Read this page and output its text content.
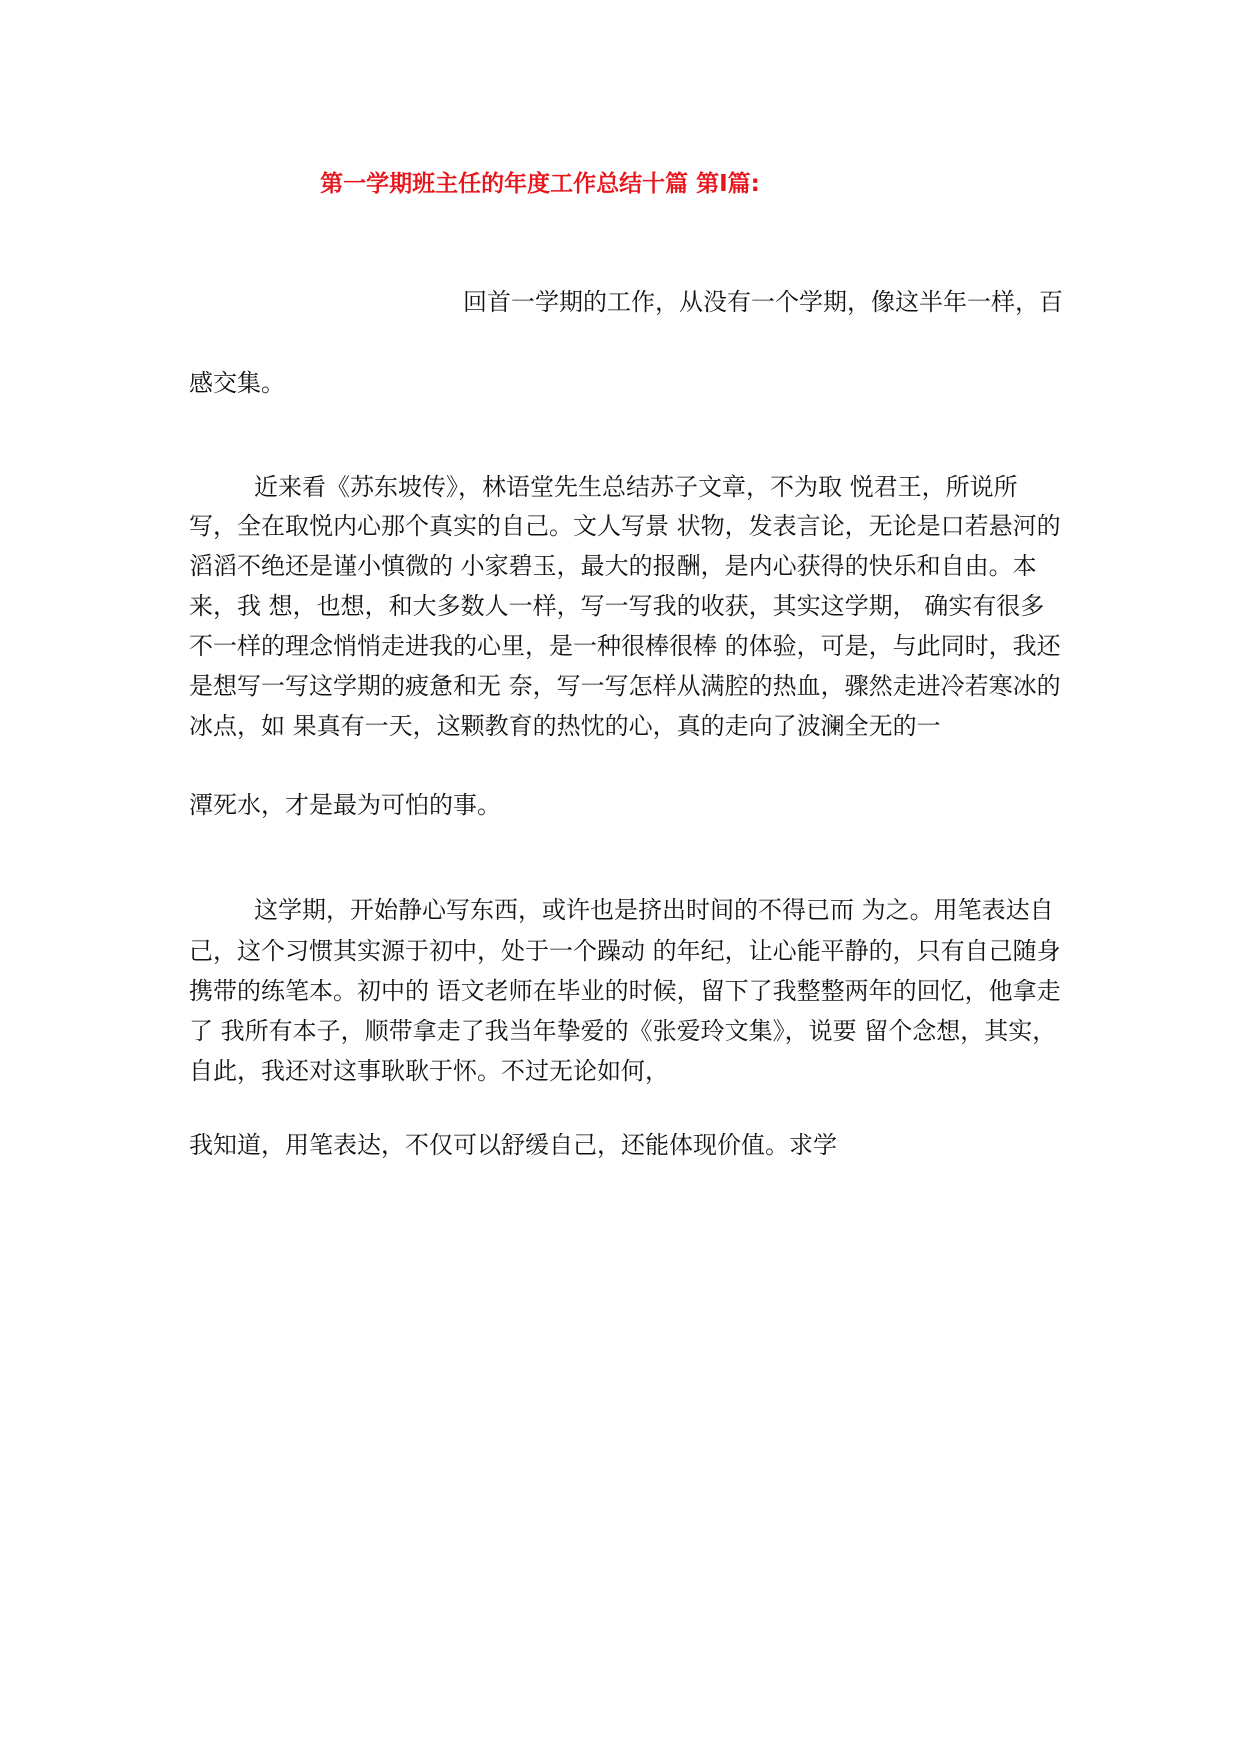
第一学期班主任的年度工作总结十篇 第Ⅰ篇:
回首一学期的工作，从没有一个学期，像这半年一样，百
感交集。
近来看《苏东坡传》，林语堂先生总结苏子文章，不为取 悦君王，所说所
写，全在取悦内心那个真实的自己。文人写景 状物，发表言论，无论是口若悬河的
滔滔不绝还是谨小慎微的 小家碧玉，最大的报酬，是内心获得的快乐和自由。本
来，我 想，也想，和大多数人一样，写一写我的收获，其实这学期， 确实有很多
不一样的理念悄悄走进我的心里，是一种很棒很棒 的体验，可是，与此同时，我还
是想写一写这学期的疲惫和无 奈，写一写怎样从满腔的热血，骤然走进冷若寒冰的
冰点，如 果真有一天，这颗教育的热忱的心，真的走向了波澜全无的一
潭死水，才是最为可怕的事。
这学期，开始静心写东西，或许也是挤出时间的不得已而 为之。用笔表达自
己，这个习惯其实源于初中，处于一个躁动 的年纪，让心能平静的，只有自己随身
携带的练笔本。初中的 语文老师在毕业的时候，留下了我整整两年的回忆，他拿走
了 我所有本子，顺带拿走了我当年挚爱的《张爱玲文集》，说要 留个念想，其实，
自此，我还对这事耿耿于怀。不过无论如何，
我知道，用笔表达，不仅可以舒缓自己，还能体现价值。求学
